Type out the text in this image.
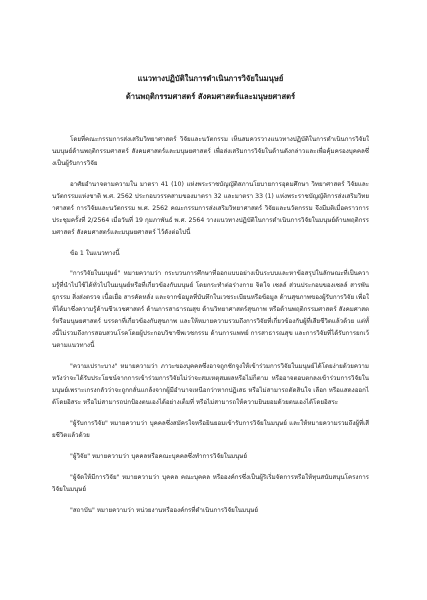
แนวทางปฏิบัติในการดำเนินการวิจัยในมนุษย์
ด้านพฤติกรรมศาสตร์ สังคมศาสตร์และมนุษยศาสตร์

โดยที่คณะกรรมการส่งเสริมวิทยาศาสตร์ วิจัยและนวัตกรรม เห็นสมควรวางแนวทางปฏิบัติในการดำเนินการวิจัยในมนุษย์ด้านพฤติกรรมศาสตร์ สังคมศาสตร์และมนุษยศาสตร์ เพื่อส่งเสริมการวิจัยในด้านดังกล่าวและเพื่อคุ้มครองบุคคลซึ่งเป็นผู้รับการวิจัย

อาศัยอำนาจตามความใน มาตรา 41 (10) แห่งพระราชบัญญัติสภานโยบายการอุดมศึกษา วิทยาศาสตร์ วิจัยและนวัตกรรมแห่งชาติ พ.ศ. 2562 ประกอบวรรคสามของมาตรา 32 และมาตรา 33 (1) แห่งพระราชบัญญัติการส่งเสริมวิทยาศาสตร์ การวิจัยและนวัตกรรม พ.ศ. 2562 คณะกรรมการส่งเสริมวิทยาศาสตร์ วิจัยและนวัตกรรม จึงมีมติเมื่อคราวการประชุมครั้งที่ 2/2564 เมื่อวันที่ 19 กุมภาพันธ์ พ.ศ. 2564 วางแนวทางปฏิบัติในการดำเนินการวิจัยในมนุษย์ด้านพฤติกรรมศาสตร์ สังคมศาสตร์และมนุษยศาสตร์ ไว้ดังต่อไปนี้

ข้อ 1 ในแนวทางนี้

"การวิจัยในมนุษย์" หมายความว่า กระบวนการศึกษาที่ออกแบบอย่างเป็นระบบและหาข้อสรุปในลักษณะที่เป็นความรู้ที่นำไปใช้ได้ทั่วไปในมนุษย์หรือที่เกี่ยวข้องกับมนุษย์ โดยกระทำต่อร่างกาย จิตใจ เซลล์ ส่วนประกอบของเซลล์ สารพันธุกรรม สิ่งส่งตรวจ เนื้อเยื่อ สารคัดหลั่ง และจากข้อมูลที่บันทึกในเวชระเบียนหรือข้อมูล ด้านสุขภาพของผู้รับการวิจัย เพื่อให้ได้มาซึ่งความรู้ด้านชีวเวชศาสตร์ ด้านการสาธารณสุข ด้านวิทยาศาสตร์สุขภาพ หรือด้านพฤติกรรมศาสตร์ สังคมศาสตร์หรือมนุษยศาสตร์ บรรดาที่เกี่ยวข้องกับสุขภาพ และให้หมายความรวมถึงการวิจัยที่เกี่ยวข้องกับผู้ที่เสียชีวิตแล้วด้วย แต่ทั้งนี้ไม่รวมถึงการสอบสวนโรคโดยผู้ประกอบวิชาชีพเวชกรรม ด้านการแพทย์ การสาธารณสุข และการวิจัยที่ได้รับการยกเว้นตามแนวทางนี้

"ความเปราะบาง" หมายความว่า ภาวะของบุคคลซึ่งอาจถูกชักจูงให้เข้าร่วมการวิจัยในมนุษย์ได้โดยง่ายด้วยความหวังว่าจะได้รับประโยชน์จากการเข้าร่วมการวิจัยไม่ว่าจะสมเหตุสมผลหรือไม่ก็ตาม หรืออาจตอบตกลงเข้าร่วมการวิจัยในมนุษย์เพราะเกรงกลัวว่าจะถูกกลั่นแกล้งจากผู้มีอำนาจเหนือกว่าหากปฏิเสธ หรือไม่สามารถตัดสินใจ เลือก หรือแสดงออกได้โดยอิสระ หรือไม่สามารถปกป้องตนเองได้อย่างเต็มที่ หรือไม่สามารถให้ความยินยอมด้วยตนเองได้โดยอิสระ

"ผู้รับการวิจัย" หมายความว่า บุคคลซึ่งสมัครใจหรือยินยอมเข้ารับการวิจัยในมนุษย์ และให้หมายความรวมถึงผู้ที่เสียชีวิตแล้วด้วย

"ผู้วิจัย" หมายความว่า บุคคลหรือคณะบุคคลซึ่งทำการวิจัยในมนุษย์

"ผู้จัดให้มีการวิจัย" หมายความว่า บุคคล คณะบุคคล หรือองค์กรซึ่งเป็นผู้ริเริ่มจัดการหรือให้ทุนสนับสนุนโครงการวิจัยในมนุษย์

"สถาบัน" หมายความว่า หน่วยงานหรือองค์กรที่ดำเนินการวิจัยในมนุษย์
